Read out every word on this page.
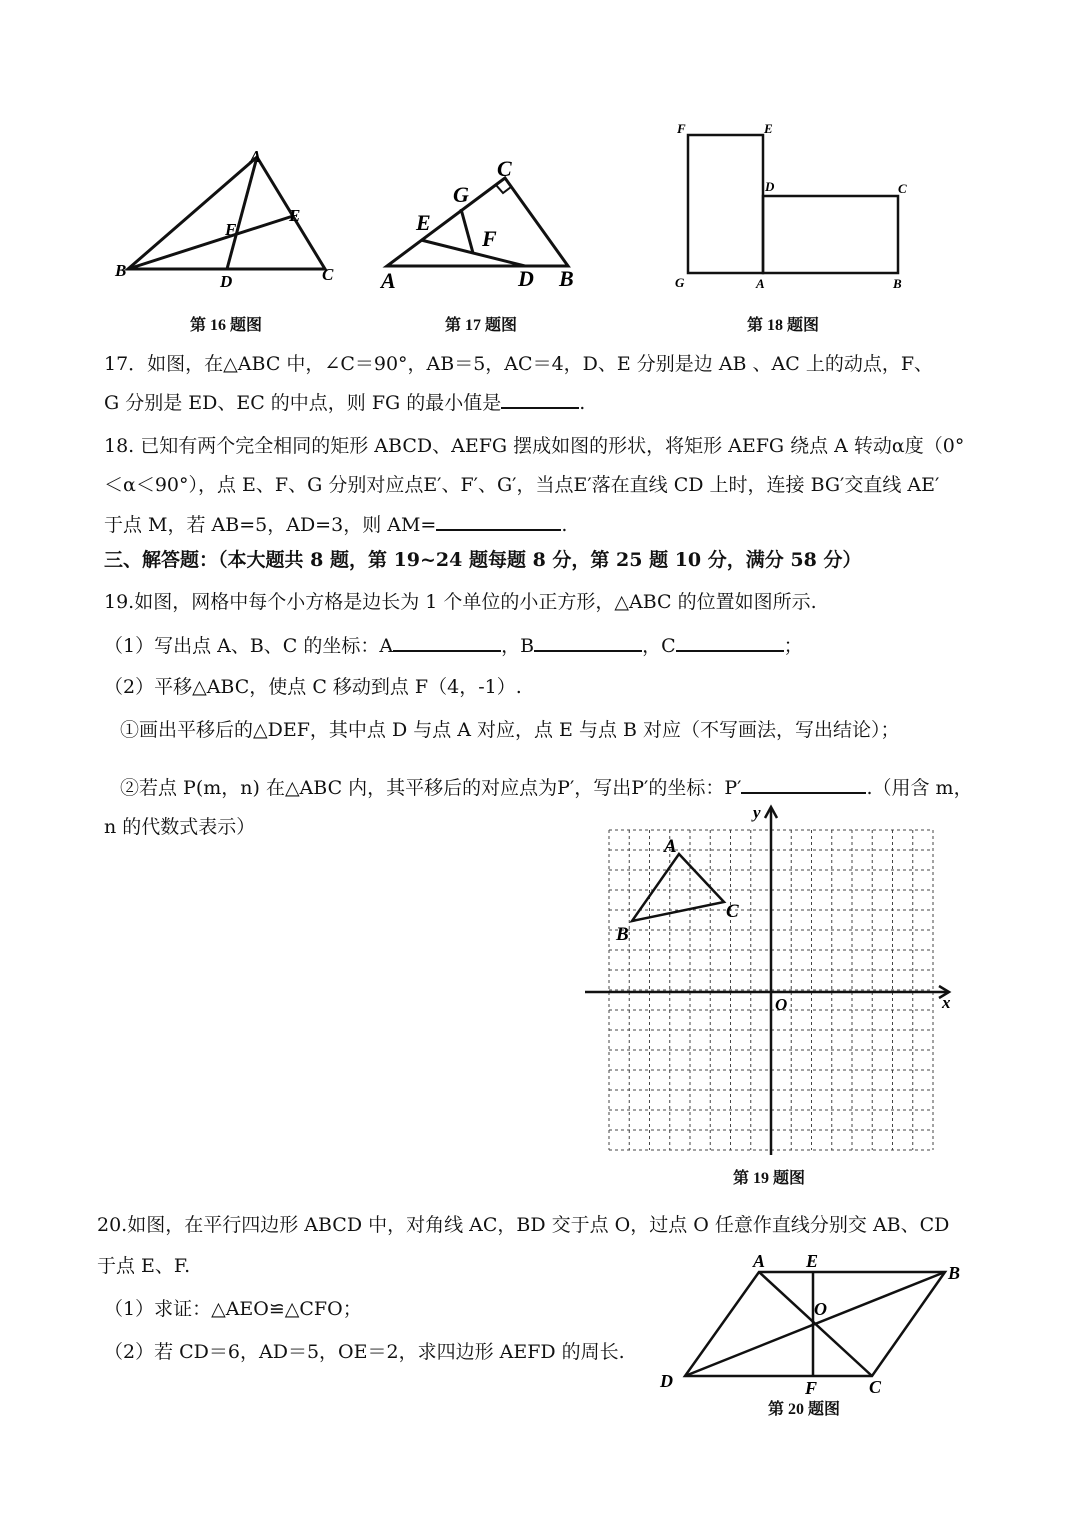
A
B	C
D
E
F
第 16 题图
C
G
E
F
A	D B
第 17 题图
F	E
D	C
G	A	B
第 18 题图
17．如图，在△ABC 中，∠C＝90°，AB＝5，AC＝4，D、E 分别是边 AB 、AC 上的动点，F、
G 分别是 ED、EC 的中点，则 FG 的最小值是	.
18. 已知有两个完全相同的矩形 ABCD、AEFG 摆成如图的形状，将矩形 AEFG 绕点 A 转动α度（0°
＜α＜90°），点 E、F、G 分别对应点E′、F′、G′，当点E′落在直线 CD 上时，连接 BG′交直线 AE′
于点 M，若 AB=5，AD=3，则 AM=	.
三、解答题：（本大题共 8 题，第 19~24 题每题 8 分，第 25 题 10 分，满分 58 分）
19.如图，网格中每个小方格是边长为 1 个单位的小正方形，△ABC 的位置如图所示.
（1）写出点 A、B、C 的坐标：A	，B	，C	；
（2）平移△ABC，使点 C 移动到点 F（4，-1）.
①画出平移后的△DEF，其中点 D 与点 A 对应，点 E 与点 B 对应（不写画法，写出结论）；
②若点 P(m，n) 在△ABC 内，其平移后的对应点为P′，写出P′的坐标：P′	.（用含 m，
n 的代数式表示）
A
B
C
O	x
y
第 19 题图
20.如图，在平行四边形 ABCD 中，对角线 AC，BD 交于点 O，过点 O 任意作直线分别交 AB、CD
于点 E、F.
（1）求证：△AEO≌△CFO；
（2）若 CD＝6，AD＝5，OE＝2，求四边形 AEFD 的周长.
A E
B
O
D	F	C
第 20 题图
